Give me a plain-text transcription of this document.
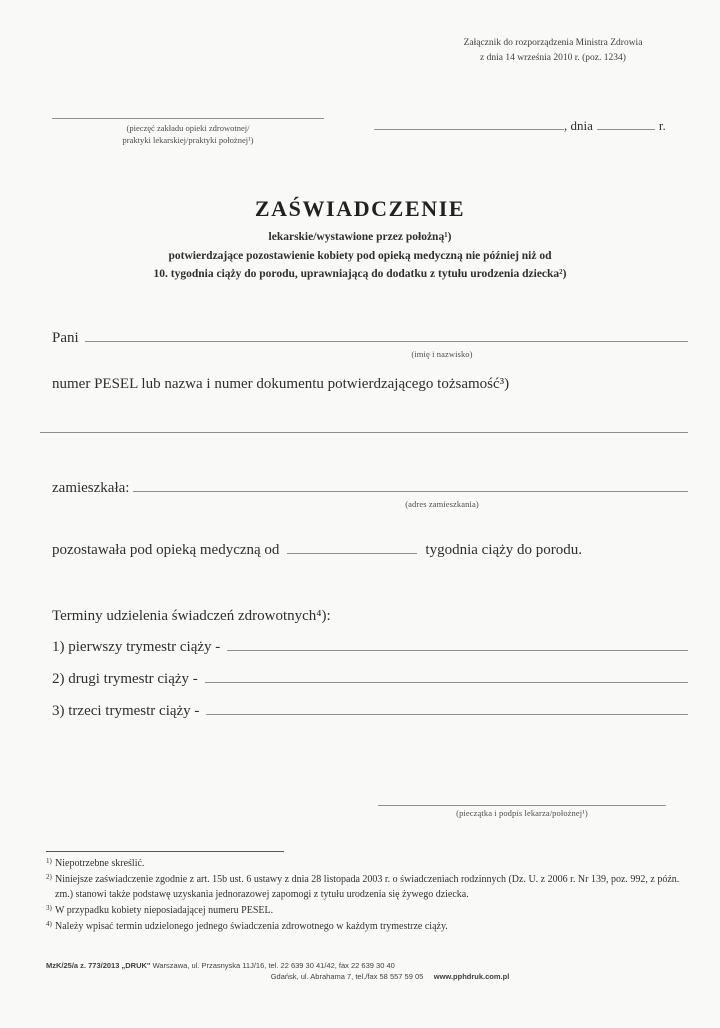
Załącznik do rozporządzenia Ministra Zdrowia
z dnia 14 września 2010 r. (poz. 1234)
(pieczęć zakładu opieki zdrowotnej/
praktyki lekarskiej/praktyki położnej¹)
, dnia	r.
ZAŚWIADCZENIE
lekarskie/wystawione przez położną¹)
potwierdzające pozostawienie kobiety pod opieką medyczną nie później niż od
10. tygodnia ciąży do porodu, uprawniającą do dodatku z tytułu urodzenia dziecka²)
Pani
(imię i nazwisko)
numer PESEL lub nazwa i numer dokumentu potwierdzającego tożsamość³)
zamieszkała:
(adres zamieszkania)
pozostawała pod opieką medyczną od	tygodnia ciąży do porodu.
Terminy udzielenia świadczeń zdrowotnych⁴):
1) pierwszy trymestr ciąży -
2) drugi trymestr ciąży -
3) trzeci trymestr ciąży -
(pieczątka i podpis lekarza/położnej¹)
1) Niepotrzebne skreślić.
2) Niniejsze zaświadczenie zgodnie z art. 15b ust. 6 ustawy z dnia 28 listopada 2003 r. o świadczeniach rodzinnych (Dz. U. z 2006 r. Nr 139, poz. 992, z późn. zm.) stanowi także podstawę uzyskania jednorazowej zapomogi z tytułu urodzenia się żywego dziecka.
3) W przypadku kobiety nieposiadającej numeru PESEL.
4) Należy wpisać termin udzielonego jednego świadczenia zdrowotnego w każdym trymestrze ciąży.
MzK/25/a z. 773/2013 „DRUK" Warszawa, ul. Przasnyska 11J/16, tel. 22 639 30 41/42, fax 22 639 30 40
Gdańsk, ul. Abrahama 7, tel./fax 58 557 59 05 www.pphdruk.com.pl
